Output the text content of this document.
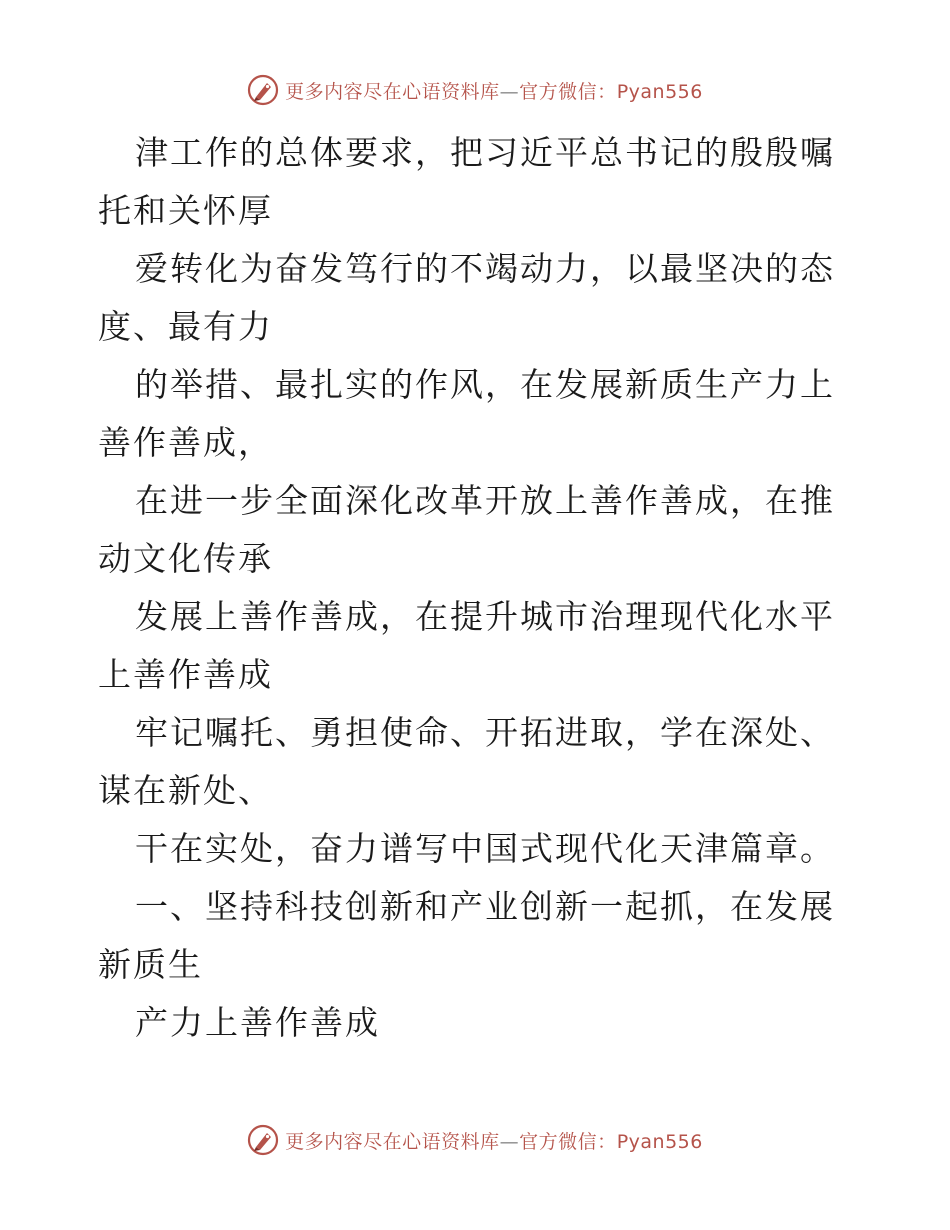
更多内容尽在心语资料库—官方微信：Pyan556

津工作的总体要求，把习近平总书记的殷殷嘱托和关怀厚

爱转化为奋发笃行的不竭动力，以最坚决的态度、最有力

的举措、最扎实的作风，在发展新质生产力上善作善成，

在进一步全面深化改革开放上善作善成，在推动文化传承

发展上善作善成，在提升城市治理现代化水平上善作善成

牢记嘱托、勇担使命、开拓进取，学在深处、谋在新处、

干在实处，奋力谱写中国式现代化天津篇章。

一、坚持科技创新和产业创新一起抓，在发展新质生

产力上善作善成

更多内容尽在心语资料库—官方微信：Pyan556
